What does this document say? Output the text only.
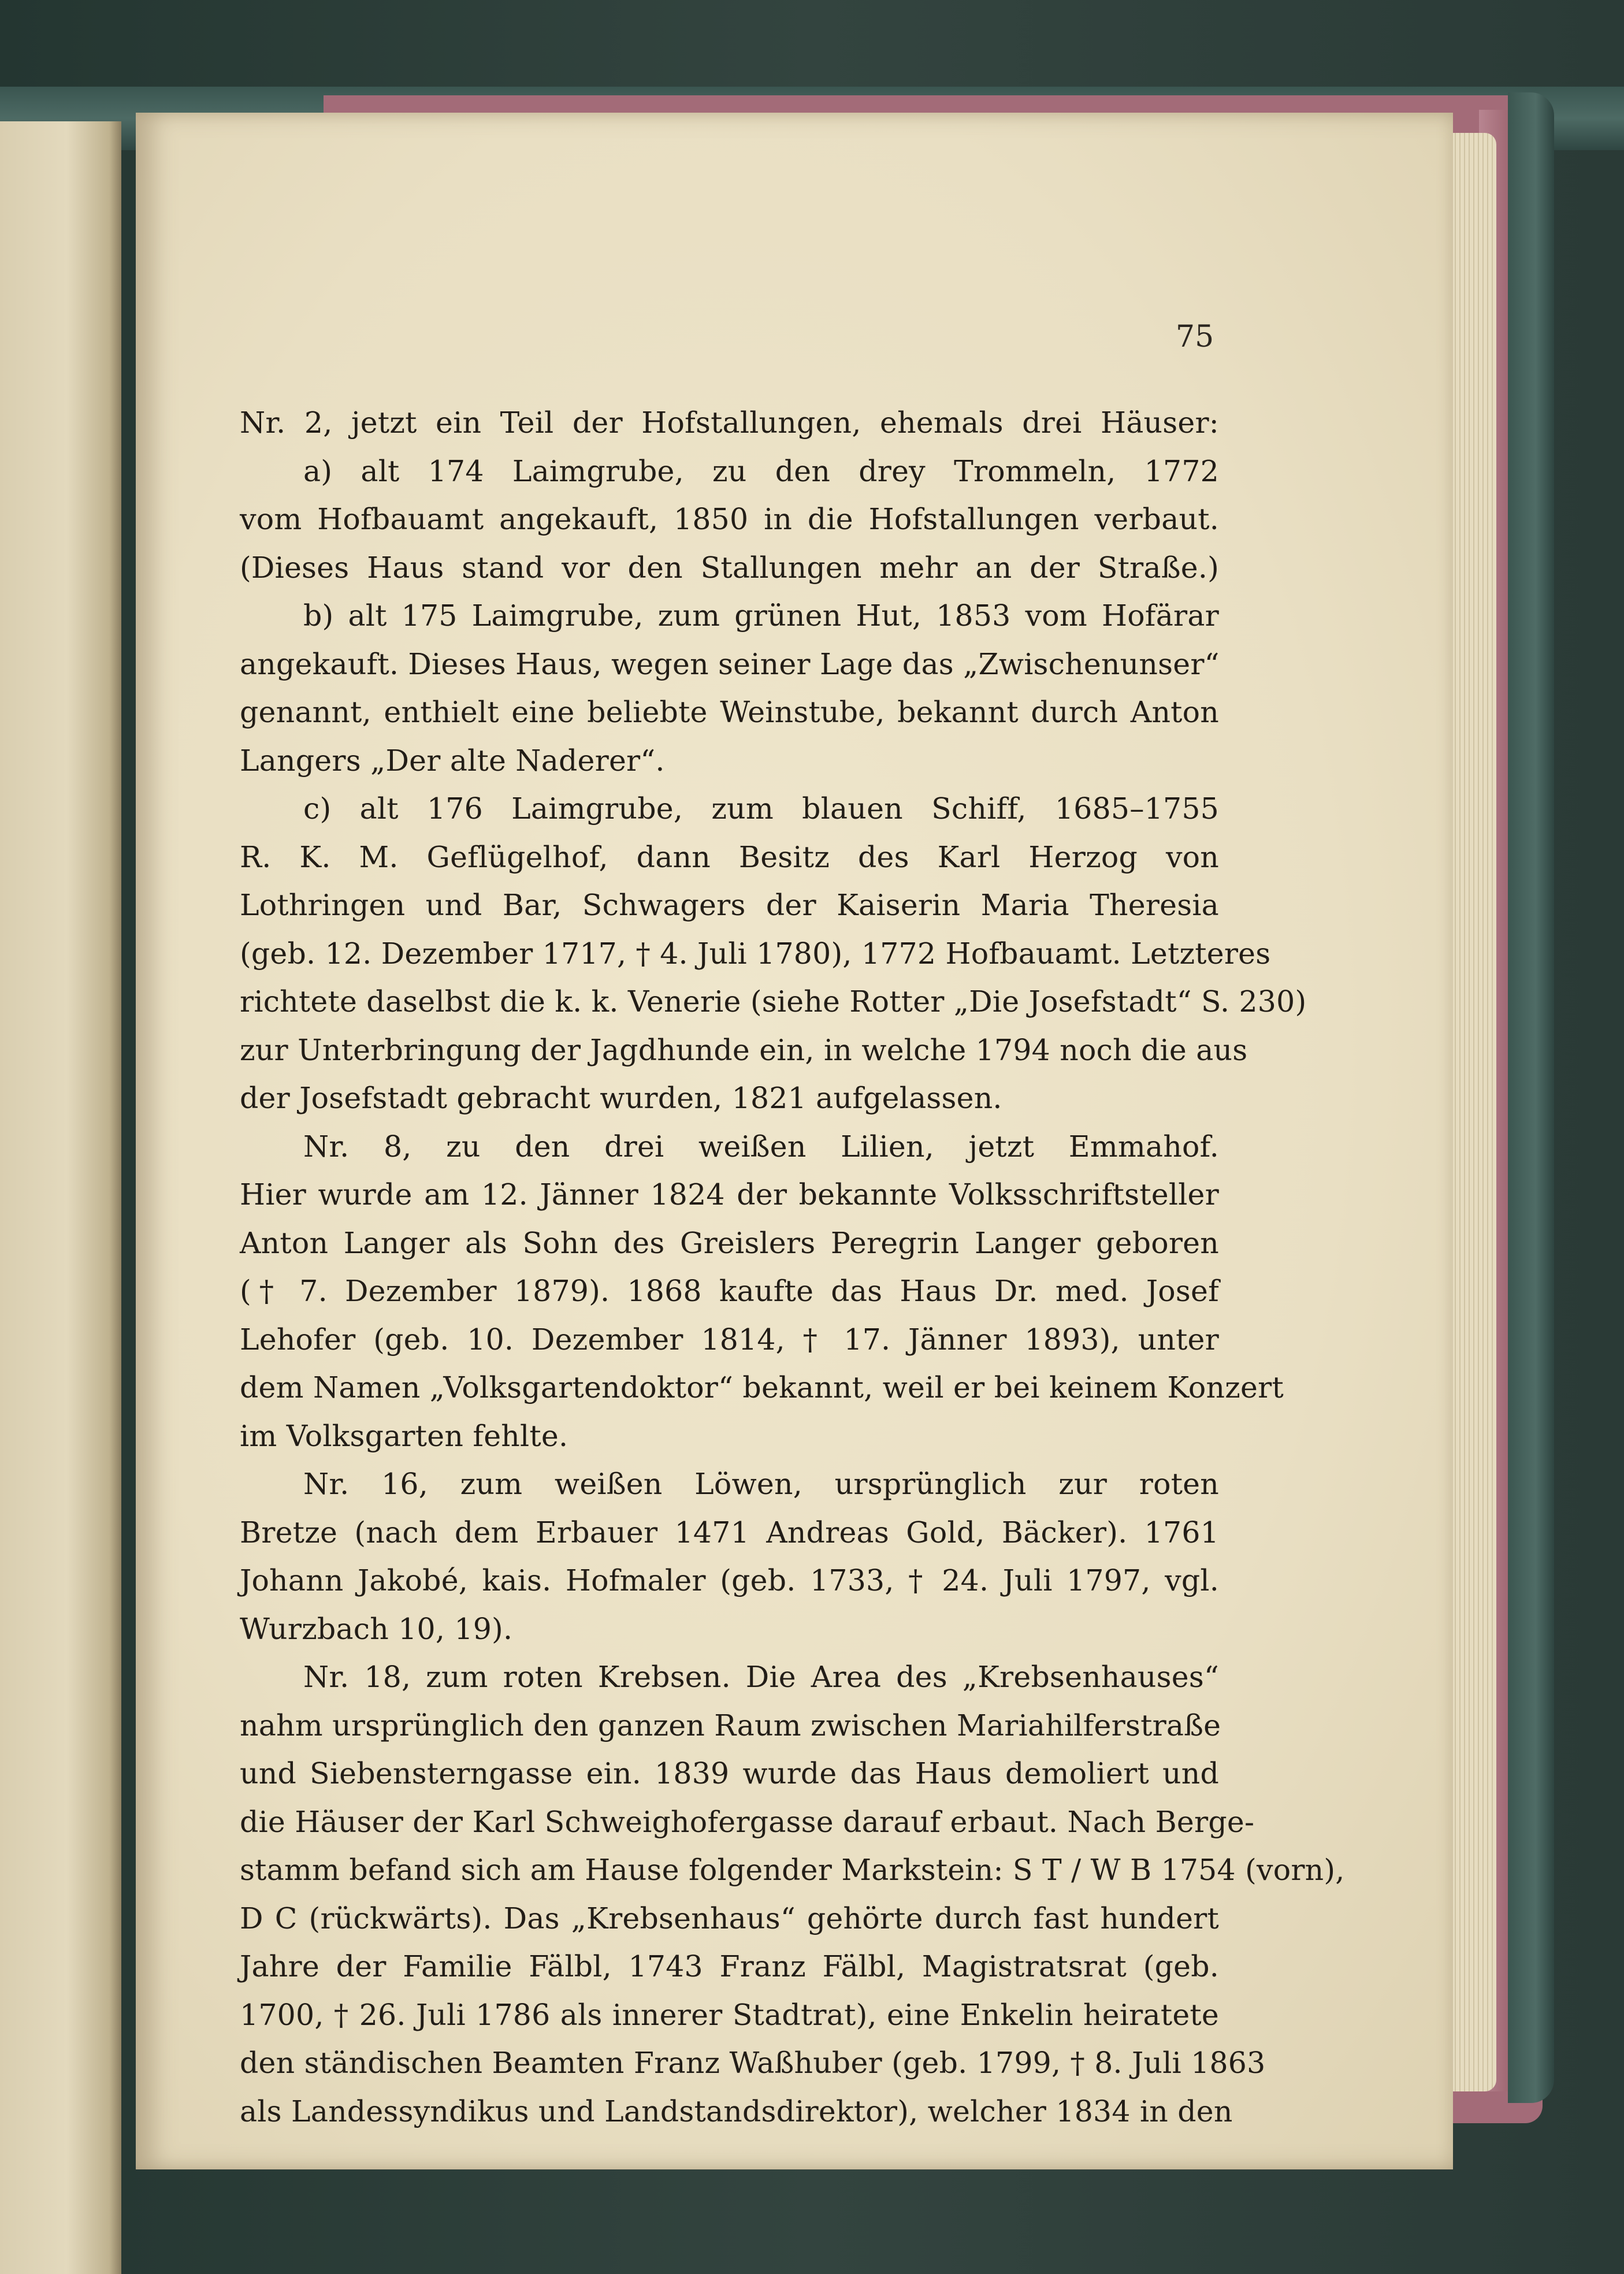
75
Nr. 2, jetzt ein Teil der Hofstallungen, ehemals drei Häuser:
a) alt 174 Laimgrube, zu den drey Trommeln, 1772
vom Hofbauamt angekauft, 1850 in die Hofstallungen verbaut.
(Dieses Haus stand vor den Stallungen mehr an der Straße.)
b) alt 175 Laimgrube, zum grünen Hut, 1853 vom Hofärar
angekauft. Dieses Haus, wegen seiner Lage das „Zwischenunser“
genannt, enthielt eine beliebte Weinstube, bekannt durch Anton
Langers „Der alte Naderer“.
c) alt 176 Laimgrube, zum blauen Schiff, 1685–1755
R. K. M. Geflügelhof, dann Besitz des Karl Herzog von
Lothringen und Bar, Schwagers der Kaiserin Maria Theresia
(geb. 12. Dezember 1717, † 4. Juli 1780), 1772 Hofbauamt. Letzteres
richtete daselbst die k. k. Venerie (siehe Rotter „Die Josefstadt“ S. 230)
zur Unterbringung der Jagdhunde ein, in welche 1794 noch die aus
der Josefstadt gebracht wurden, 1821 aufgelassen.
Nr. 8, zu den drei weißen Lilien, jetzt Emmahof.
Hier wurde am 12. Jänner 1824 der bekannte Volksschriftsteller
Anton Langer als Sohn des Greislers Peregrin Langer geboren
(† 7. Dezember 1879). 1868 kaufte das Haus Dr. med. Josef
Lehofer (geb. 10. Dezember 1814, † 17. Jänner 1893), unter
dem Namen „Volksgartendoktor“ bekannt, weil er bei keinem Konzert
im Volksgarten fehlte.
Nr. 16, zum weißen Löwen, ursprünglich zur roten
Bretze (nach dem Erbauer 1471 Andreas Gold, Bäcker). 1761
Johann Jakobé, kais. Hofmaler (geb. 1733, † 24. Juli 1797, vgl.
Wurzbach 10, 19).
Nr. 18, zum roten Krebsen. Die Area des „Krebsenhauses“
nahm ursprünglich den ganzen Raum zwischen Mariahilferstraße
und Siebensterngasse ein. 1839 wurde das Haus demoliert und
die Häuser der Karl Schweighofergasse darauf erbaut. Nach Berge-
stamm befand sich am Hause folgender Markstein: S T / W B 1754 (vorn),
D C (rückwärts). Das „Krebsenhaus“ gehörte durch fast hundert
Jahre der Familie Fälbl, 1743 Franz Fälbl, Magistratsrat (geb.
1700, † 26. Juli 1786 als innerer Stadtrat), eine Enkelin heiratete
den ständischen Beamten Franz Waßhuber (geb. 1799, † 8. Juli 1863
als Landessyndikus und Landstandsdirektor), welcher 1834 in den
